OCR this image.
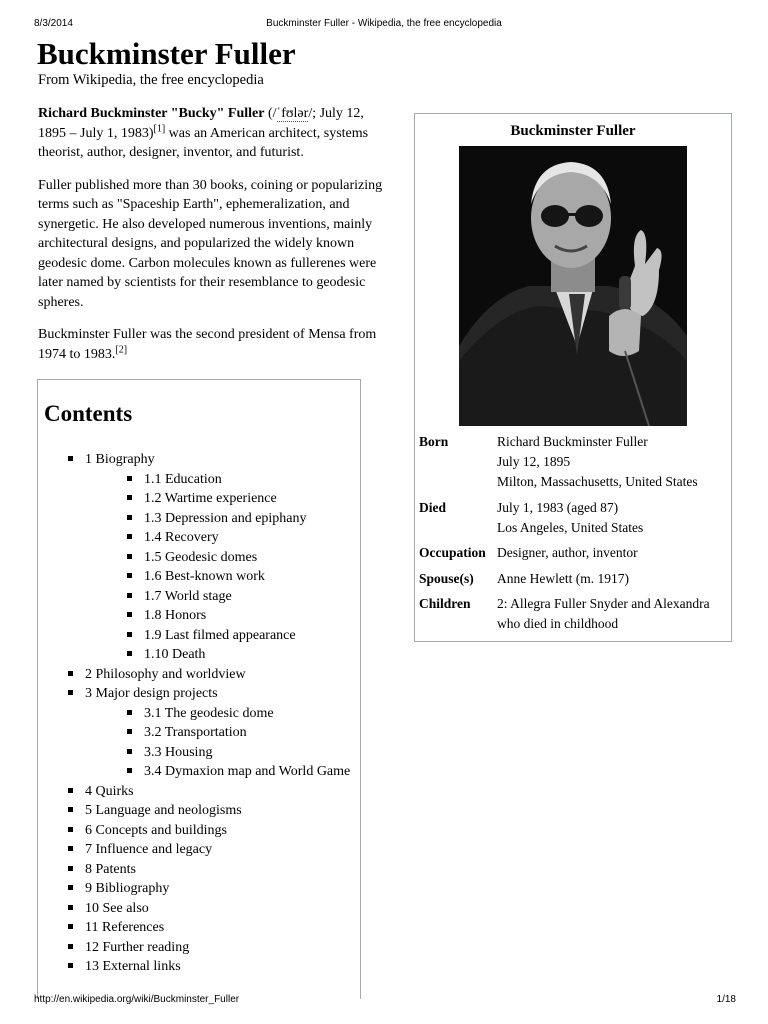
8/3/2014	Buckminster Fuller - Wikipedia, the free encyclopedia
Buckminster Fuller
From Wikipedia, the free encyclopedia

Richard Buckminster "Bucky" Fuller (/ˈfʊlər/; July 12, 1895 – July 1, 1983)[1] was an American architect, systems theorist, author, designer, inventor, and futurist.

Fuller published more than 30 books, coining or popularizing terms such as "Spaceship Earth", ephemeralization, and synergetic. He also developed numerous inventions, mainly architectural designs, and popularized the widely known geodesic dome. Carbon molecules known as fullerenes were later named by scientists for their resemblance to geodesic spheres.

Buckminster Fuller was the second president of Mensa from 1974 to 1983.[2]

Contents
1 Biography
1.1 Education
1.2 Wartime experience
1.3 Depression and epiphany
1.4 Recovery
1.5 Geodesic domes
1.6 Best-known work
1.7 World stage
1.8 Honors
1.9 Last filmed appearance
1.10 Death
2 Philosophy and worldview
3 Major design projects
3.1 The geodesic dome
3.2 Transportation
3.3 Housing
3.4 Dymaxion map and World Game
4 Quirks
5 Language and neologisms
6 Concepts and buildings
7 Influence and legacy
8 Patents
9 Bibliography
10 See also
11 References
12 Further reading
13 External links
Buckminster Fuller
Born	Richard Buckminster Fuller
July 12, 1895
Milton, Massachusetts, United States
Died	July 1, 1983 (aged 87)
Los Angeles, United States
Occupation Designer, author, inventor
Spouse(s)	Anne Hewlett (m. 1917)
Children	2: Allegra Fuller Snyder and Alexandra who died in childhood
http://en.wikipedia.org/wiki/Buckminster_Fuller	1/18
